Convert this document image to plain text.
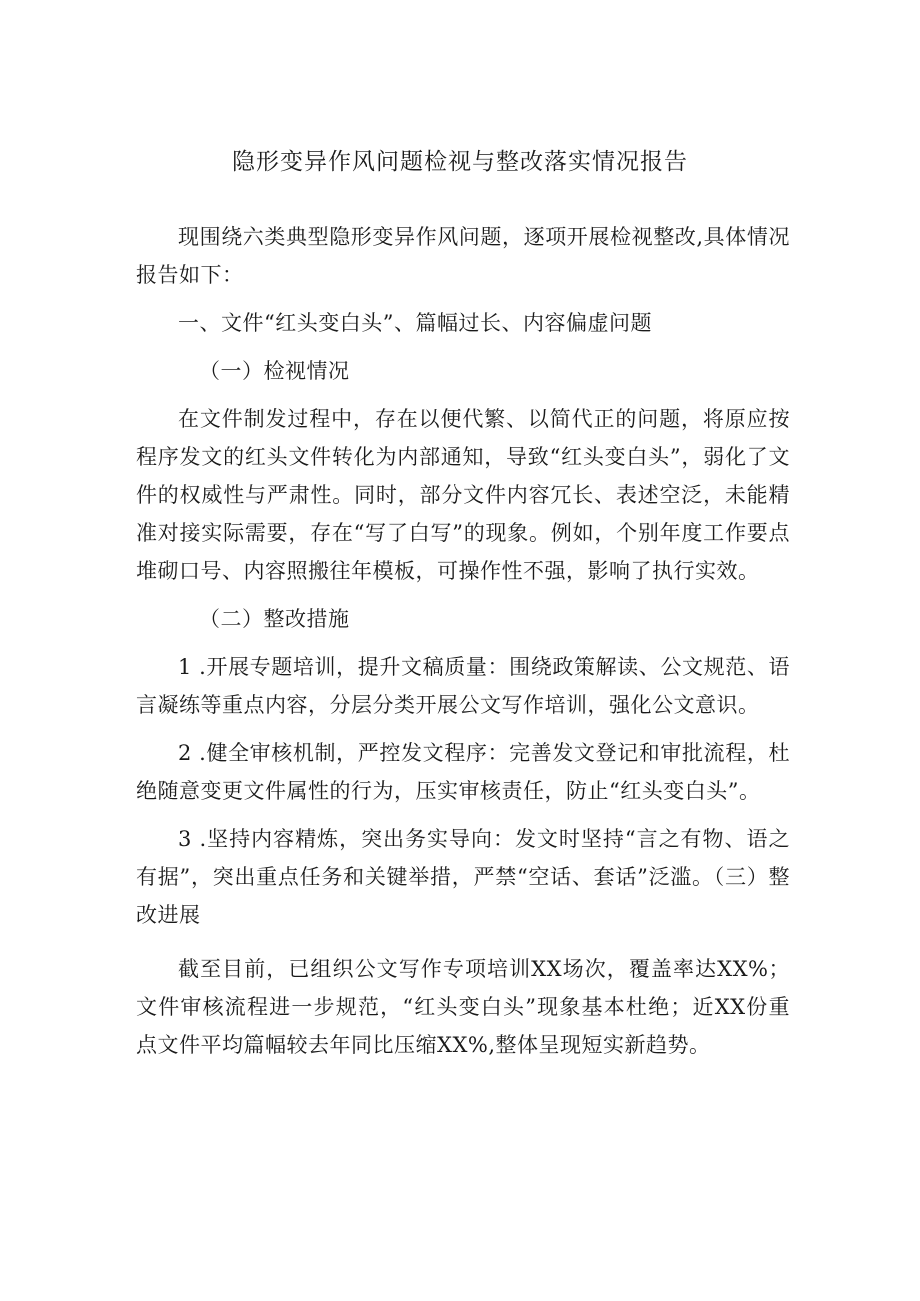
隐形变异作风问题检视与整改落实情况报告

现围绕六类典型隐形变异作风问题，逐项开展检视整改,具体情况报告如下：

一、文件“红头变白头”、篇幅过长、内容偏虚问题

（一）检视情况

在文件制发过程中，存在以便代繁、以简代正的问题，将原应按程序发文的红头文件转化为内部通知，导致“红头变白头”，弱化了文件的权威性与严肃性。同时，部分文件内容冗长、表述空泛，未能精准对接实际需要，存在“写了白写”的现象。例如，个别年度工作要点堆砌口号、内容照搬往年模板，可操作性不强，影响了执行实效。

（二）整改措施

1 .开展专题培训，提升文稿质量：围绕政策解读、公文规范、语言凝练等重点内容，分层分类开展公文写作培训，强化公文意识。

2 .健全审核机制，严控发文程序：完善发文登记和审批流程，杜绝随意变更文件属性的行为，压实审核责任，防止“红头变白头”。

3 .坚持内容精炼，突出务实导向：发文时坚持“言之有物、语之有据”，突出重点任务和关键举措，严禁“空话、套话”泛滥。（三）整改进展

截至目前，已组织公文写作专项培训XX场次，覆盖率达XX%；文件审核流程进一步规范，“红头变白头”现象基本杜绝；近XX份重点文件平均篇幅较去年同比压缩XX%,整体呈现短实新趋势。
